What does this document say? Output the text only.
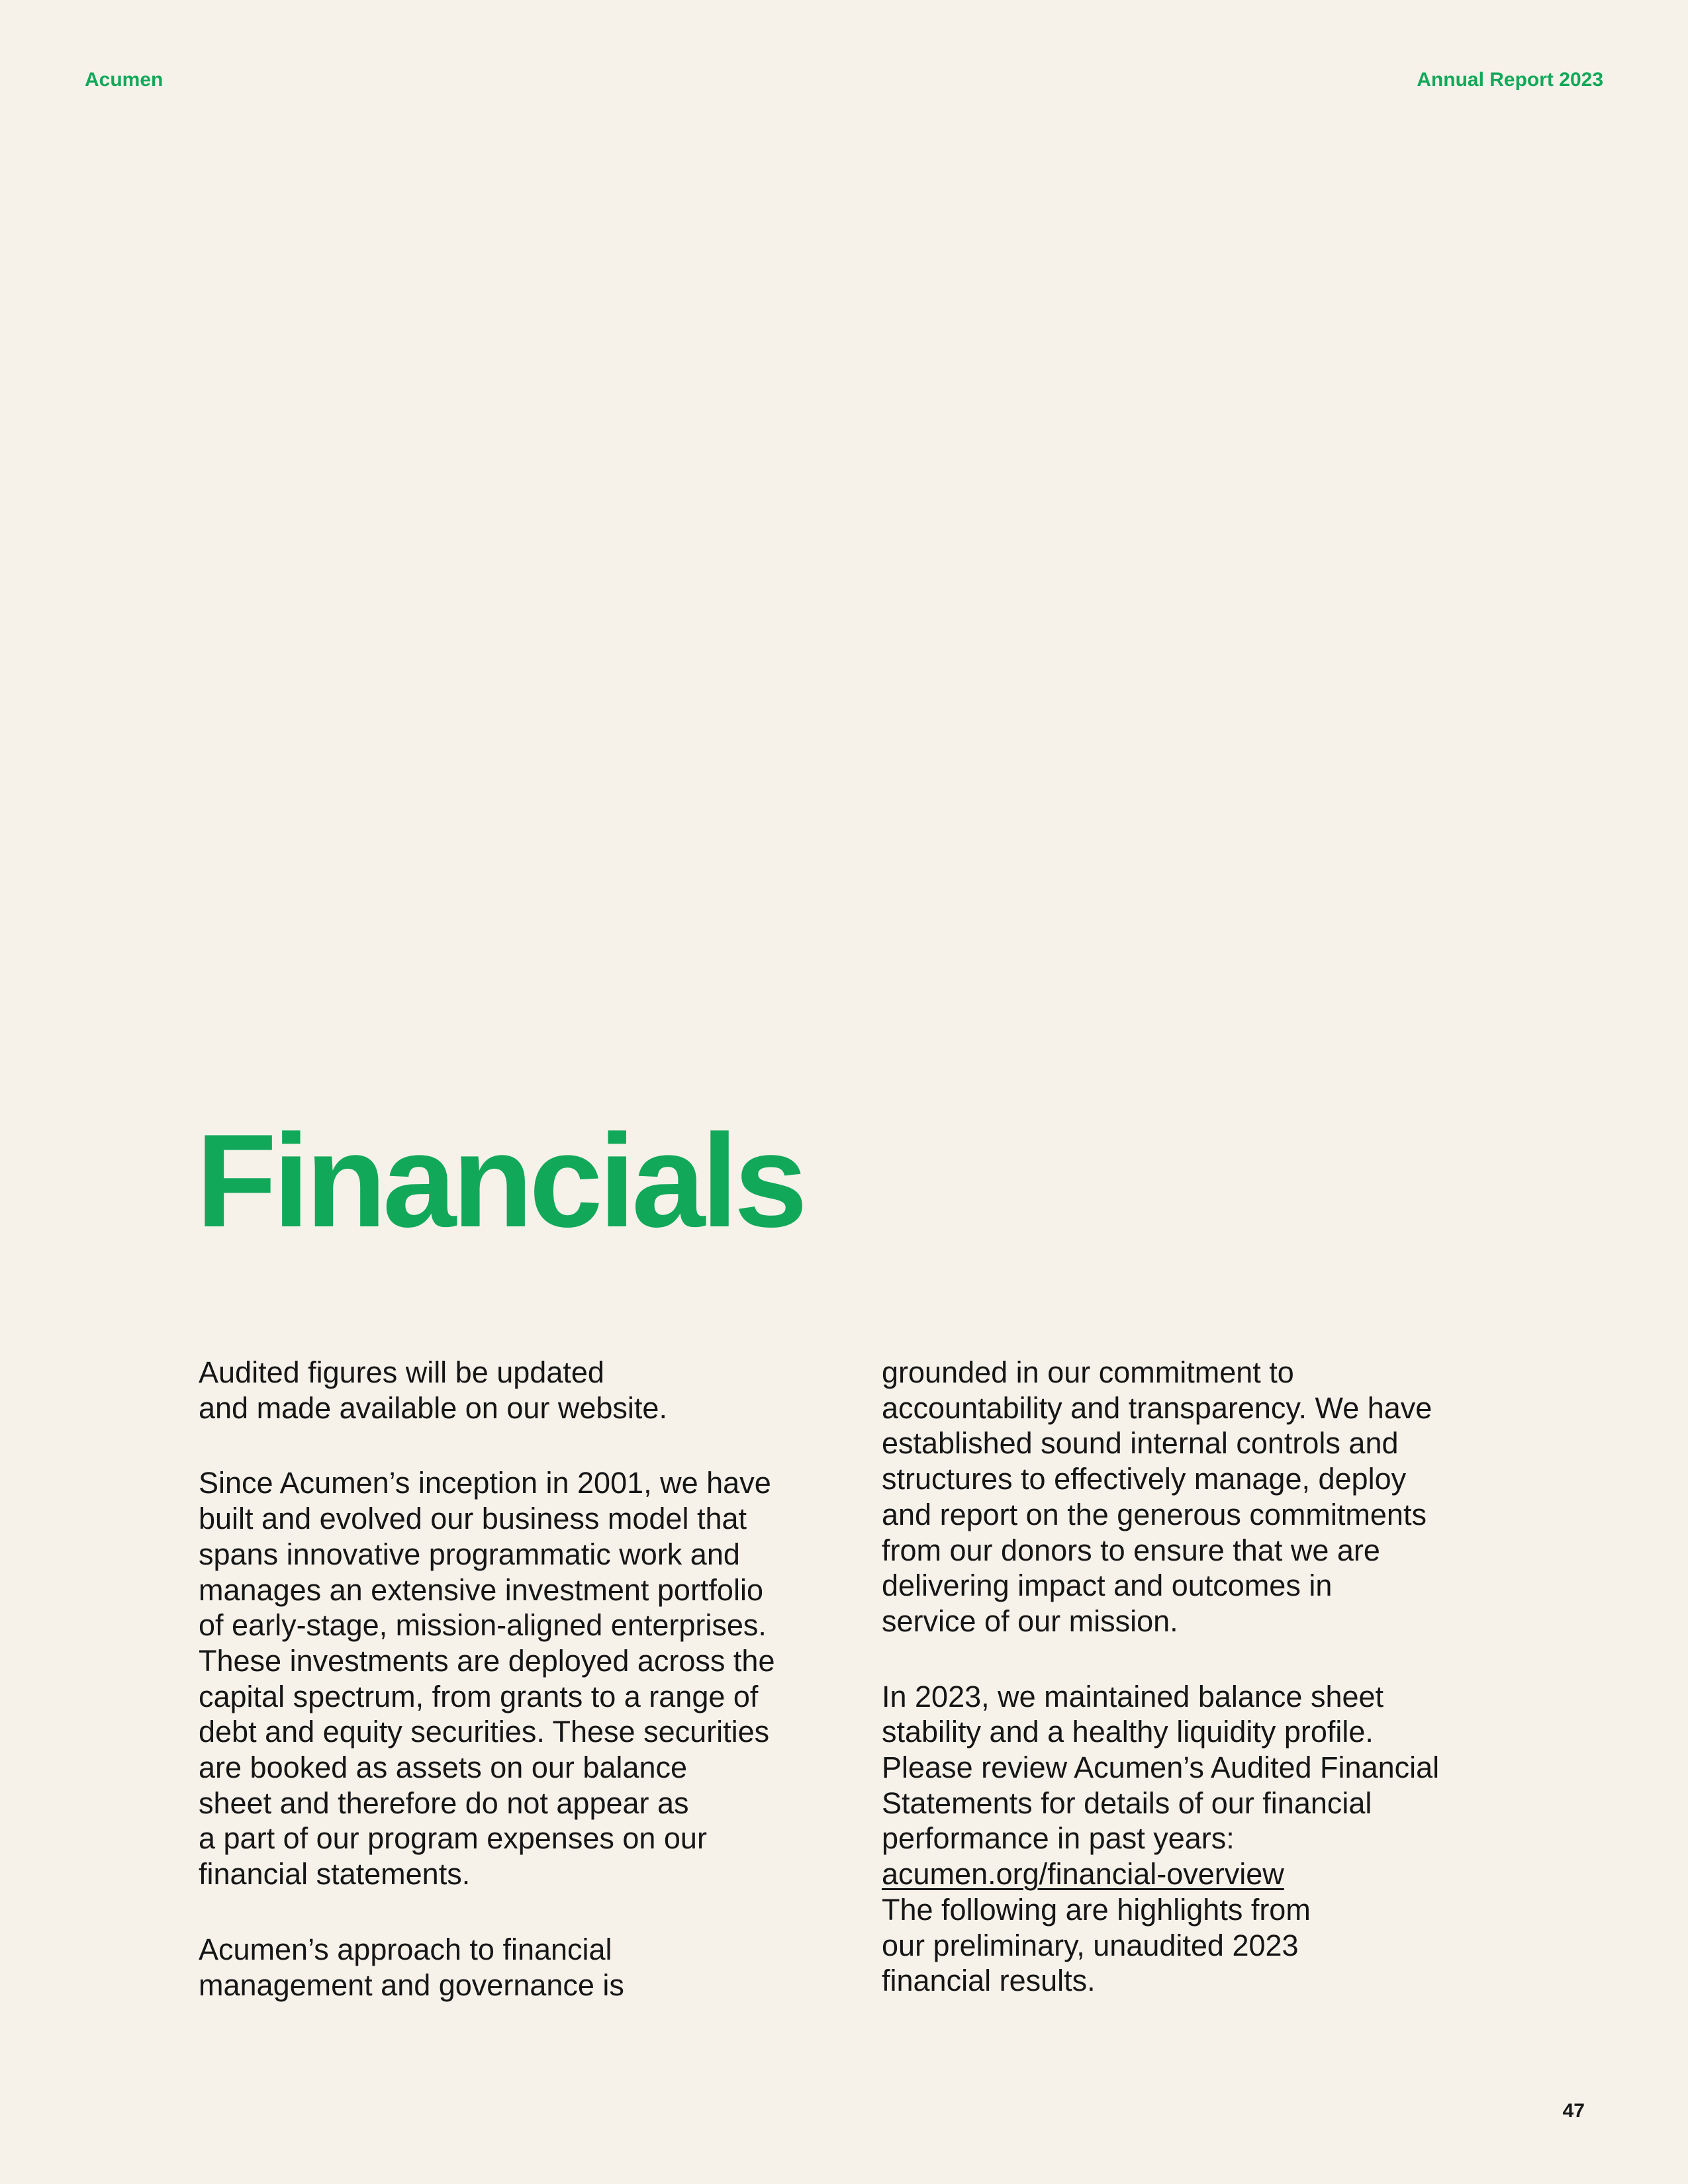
Acumen	Annual Report 2023
Financials

Audited figures will be updated
and made available on our website.

Since Acumen’s inception in 2001, we have
built and evolved our business model that
spans innovative programmatic work and
manages an extensive investment portfolio
of early-stage, mission-aligned enterprises.
These investments are deployed across the
capital spectrum, from grants to a range of
debt and equity securities. These securities
are booked as assets on our balance
sheet and therefore do not appear as
a part of our program expenses on our
financial statements.

Acumen’s approach to financial
management and governance is

grounded in our commitment to
accountability and transparency. We have
established sound internal controls and
structures to effectively manage, deploy
and report on the generous commitments
from our donors to ensure that we are
delivering impact and outcomes in
service of our mission.

In 2023, we maintained balance sheet
stability and a healthy liquidity profile.
Please review Acumen’s Audited Financial
Statements for details of our financial
performance in past years:
acumen.org/financial-overview
The following are highlights from
our preliminary, unaudited 2023
financial results.

47
